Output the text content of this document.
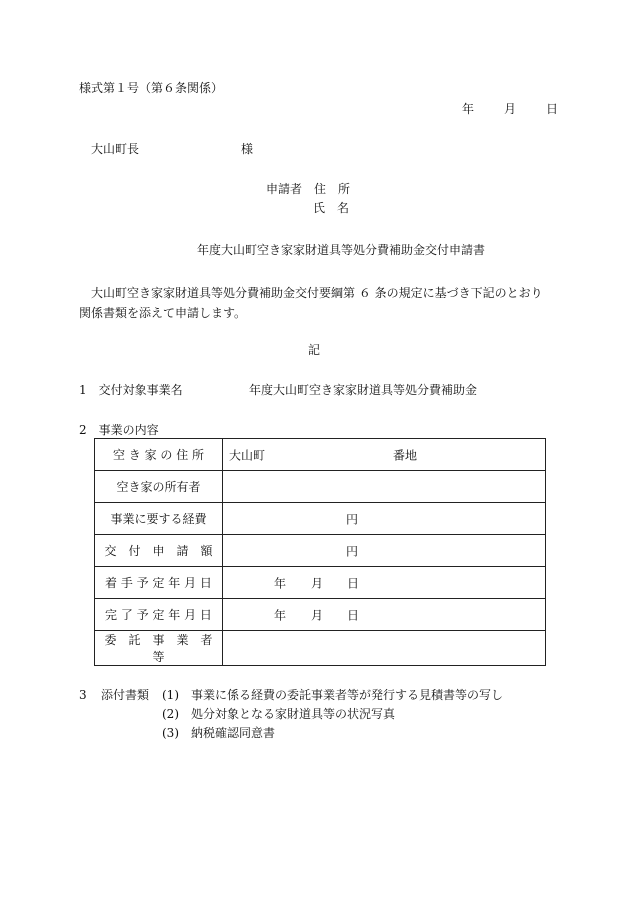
様式第１号（第６条関係）
年	月	日
大山町長	様
申請者　住　所
氏　名
年度大山町空き家家財道具等処分費補助金交付申請書
大山町空き家家財道具等処分費補助金交付要綱第 ６ 条の規定に基づき下記のとおり関係書類を添えて申請します。
記
1　交付対象事業名	年度大山町空き家家財道具等処分費補助金
2　事業の内容
空 き 家 の 住 所	大山町 番地

空き家の所有者	
事業に要する経費	円

交　付　申　請　額	円

着 手 予 定 年 月 日	年 月 日

完 了 予 定 年 月 日	年 月 日

委　託　事　業　者　等	
3 添付書類 (1)　事業に係る経費の委託事業者等が発行する見積書等の写し
(2)　処分対象となる家財道具等の状況写真
(3)　納税確認同意書
